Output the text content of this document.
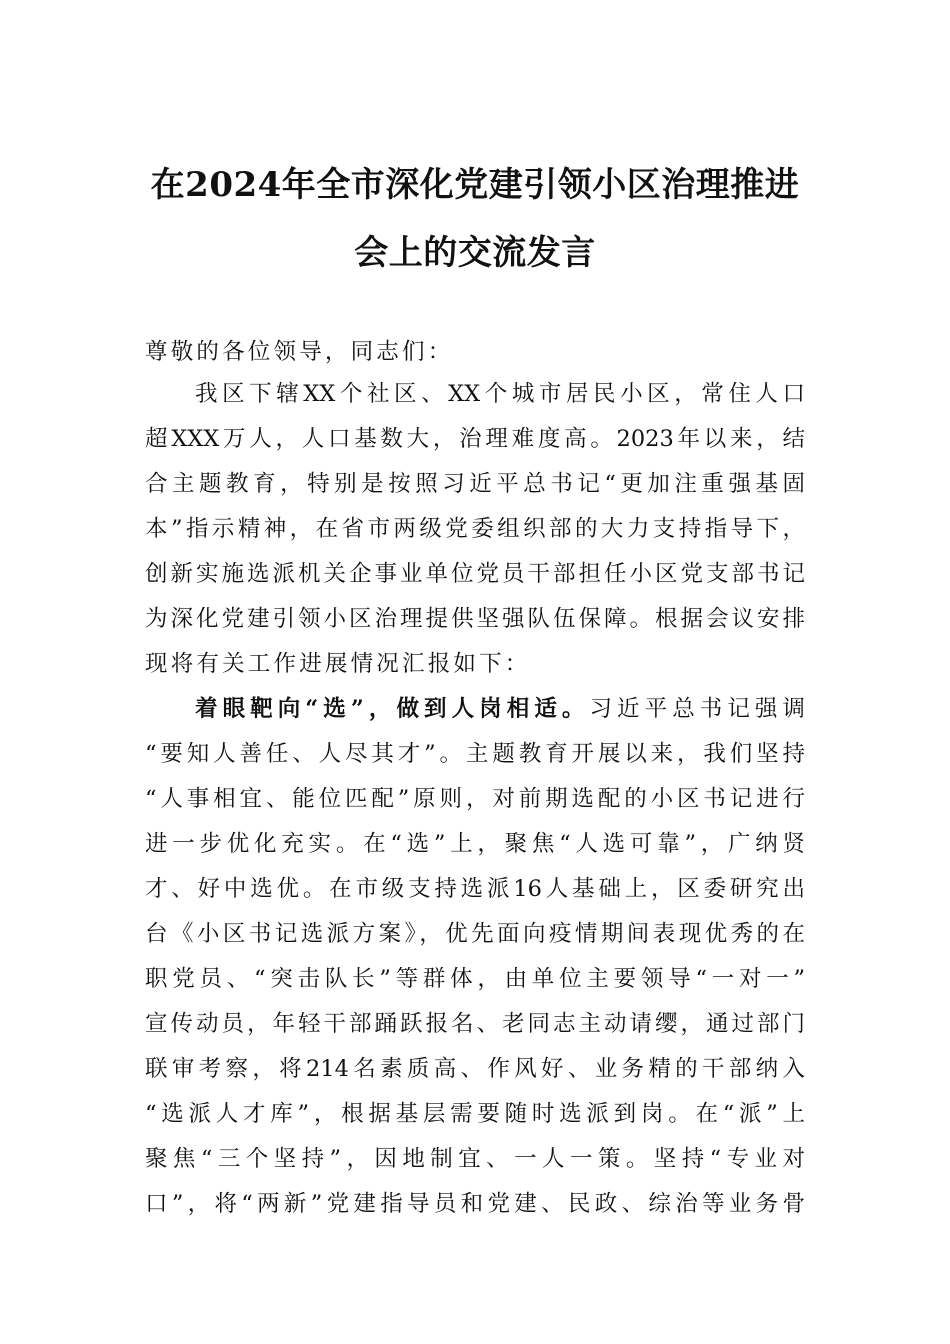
在2024年全市深化党建引领小区治理推进
会上的交流发言
尊敬的各位领导，同志们：
我区下辖XX个社区、XX个城市居民小区，常住人口
超XXX万人，人口基数大，治理难度高。2023年以来，结
合主题教育，特别是按照习近平总书记“更加注重强基固
本”指示精神，在省市两级党委组织部的大力支持指导下，
创新实施选派机关企事业单位党员干部担任小区党支部书记
为深化党建引领小区治理提供坚强队伍保障。根据会议安排
现将有关工作进展情况汇报如下：
着眼靶向“选”，做到人岗相适。习近平总书记强调
“要知人善任、人尽其才”。主题教育开展以来，我们坚持
“人事相宜、能位匹配”原则，对前期选配的小区书记进行
进一步优化充实。在“选”上，聚焦“人选可靠”，广纳贤
才、好中选优。在市级支持选派16人基础上，区委研究出
台《小区书记选派方案》，优先面向疫情期间表现优秀的在
职党员、“突击队长”等群体，由单位主要领导“一对一”
宣传动员，年轻干部踊跃报名、老同志主动请缨，通过部门
联审考察，将214名素质高、作风好、业务精的干部纳入
“选派人才库”，根据基层需要随时选派到岗。在“派”上
聚焦“三个坚持”，因地制宜、一人一策。坚持“专业对
口”，将“两新”党建指导员和党建、民政、综治等业务骨
